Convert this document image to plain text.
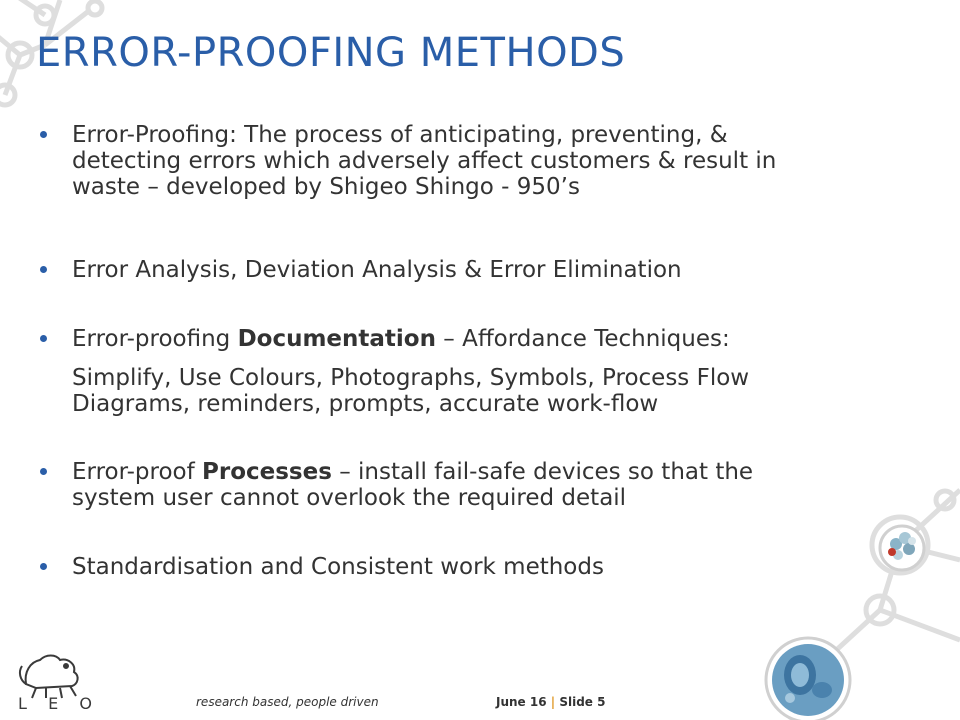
ERROR-PROOFING METHODS
Error-Proofing: The process of anticipating, preventing, & detecting errors which adversely affect customers & result in waste – developed by Shigeo Shingo - 950’s
Error Analysis, Deviation Analysis & Error Elimination
Error-proofing Documentation – Affordance Techniques:
Simplify, Use Colours, Photographs, Symbols, Process Flow Diagrams, reminders, prompts, accurate work-flow
Error-proof Processes – install fail-safe devices so that the system user cannot overlook the required detail
Standardisation and Consistent work methods
L E O	research based, people driven	June 16 | Slide 5
